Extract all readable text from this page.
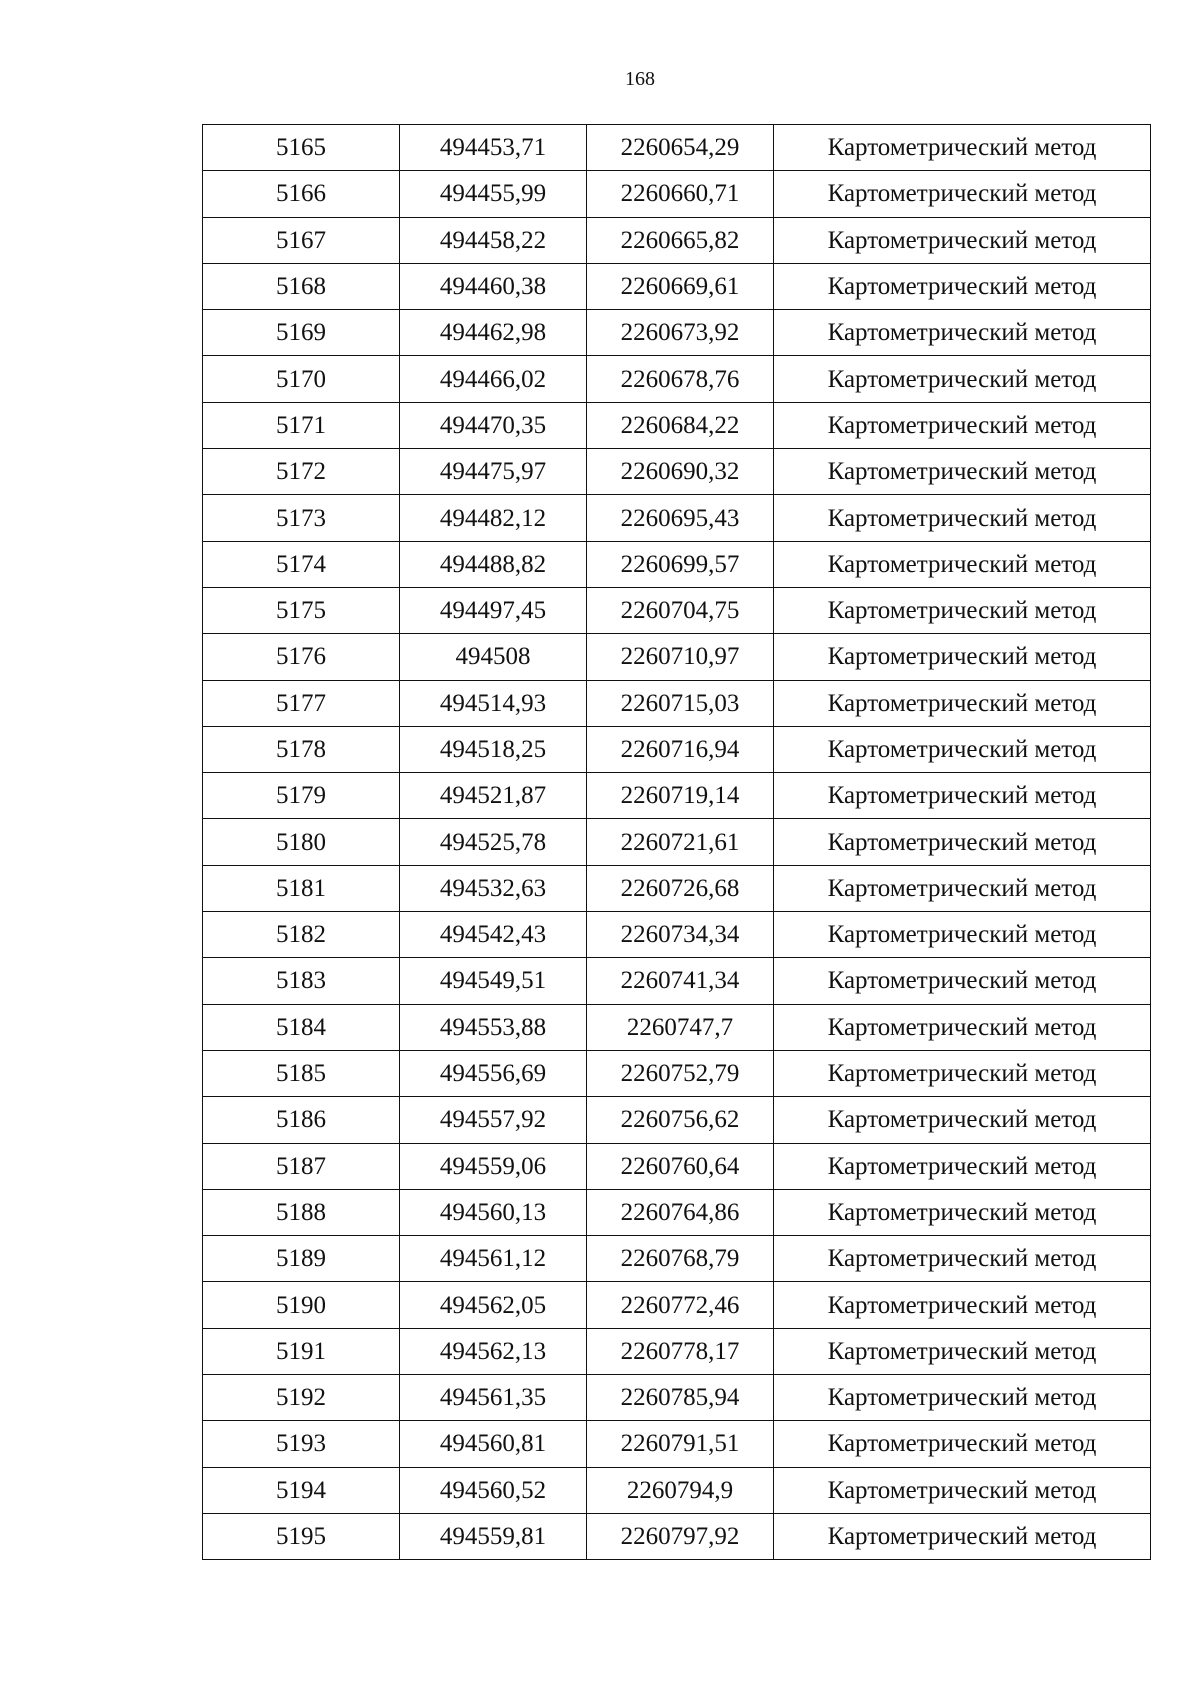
168
5165	494453,71	2260654,29	Картометрический метод
5166	494455,99	2260660,71	Картометрический метод
5167	494458,22	2260665,82	Картометрический метод
5168	494460,38	2260669,61	Картометрический метод
5169	494462,98	2260673,92	Картометрический метод
5170	494466,02	2260678,76	Картометрический метод
5171	494470,35	2260684,22	Картометрический метод
5172	494475,97	2260690,32	Картометрический метод
5173	494482,12	2260695,43	Картометрический метод
5174	494488,82	2260699,57	Картометрический метод
5175	494497,45	2260704,75	Картометрический метод
5176	494508	2260710,97	Картометрический метод
5177	494514,93	2260715,03	Картометрический метод
5178	494518,25	2260716,94	Картометрический метод
5179	494521,87	2260719,14	Картометрический метод
5180	494525,78	2260721,61	Картометрический метод
5181	494532,63	2260726,68	Картометрический метод
5182	494542,43	2260734,34	Картометрический метод
5183	494549,51	2260741,34	Картометрический метод
5184	494553,88	2260747,7	Картометрический метод
5185	494556,69	2260752,79	Картометрический метод
5186	494557,92	2260756,62	Картометрический метод
5187	494559,06	2260760,64	Картометрический метод
5188	494560,13	2260764,86	Картометрический метод
5189	494561,12	2260768,79	Картометрический метод
5190	494562,05	2260772,46	Картометрический метод
5191	494562,13	2260778,17	Картометрический метод
5192	494561,35	2260785,94	Картометрический метод
5193	494560,81	2260791,51	Картометрический метод
5194	494560,52	2260794,9	Картометрический метод
5195	494559,81	2260797,92	Картометрический метод
